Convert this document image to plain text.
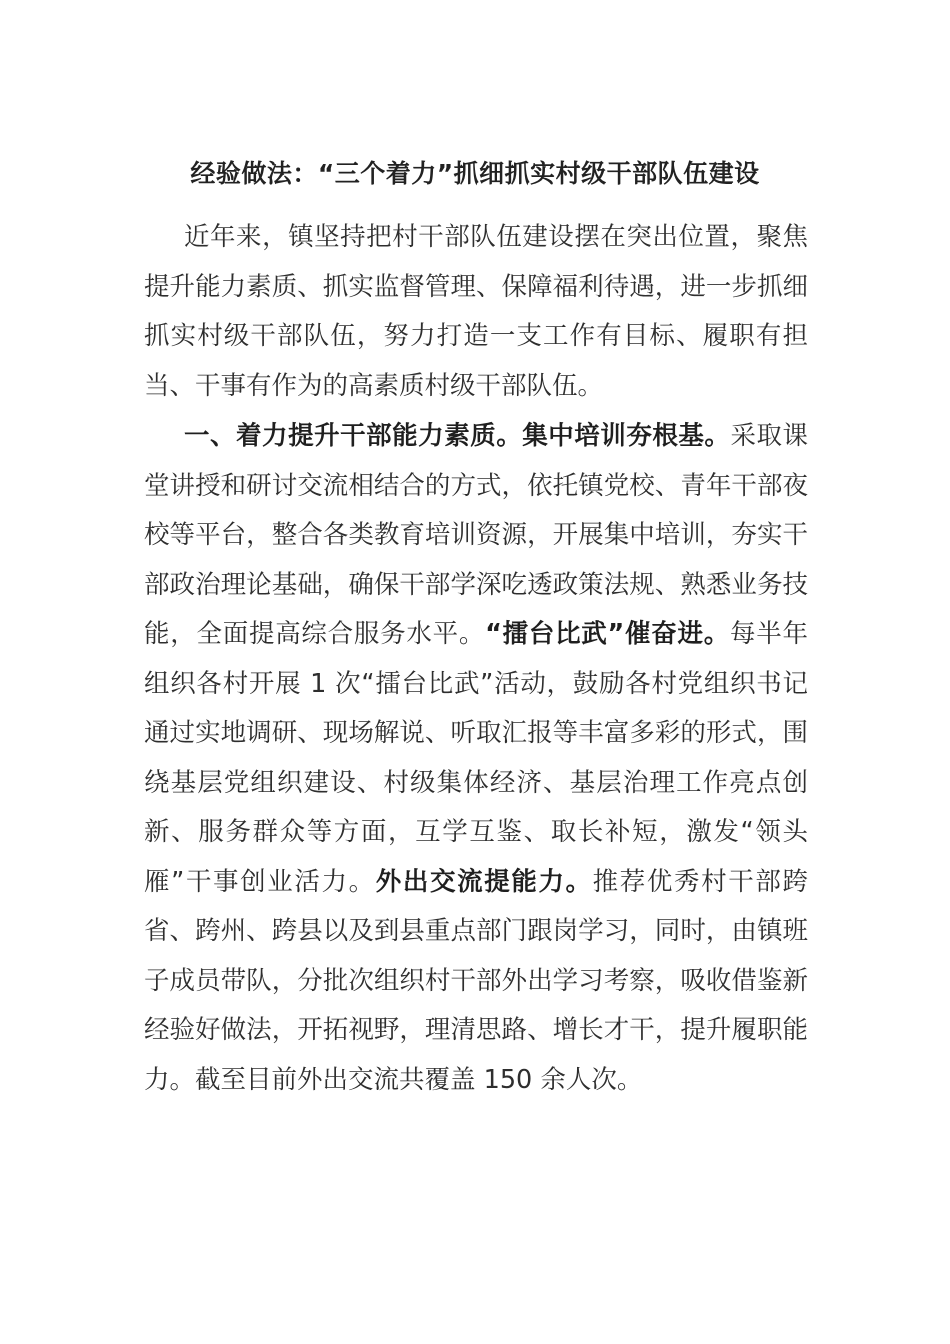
经验做法：“三个着力”抓细抓实村级干部队伍建设

近年来，镇坚持把村干部队伍建设摆在突出位置，聚焦提升能力素质、抓实监督管理、保障福利待遇，进一步抓细抓实村级干部队伍，努力打造一支工作有目标、履职有担当、干事有作为的高素质村级干部队伍。

一、着力提升干部能力素质。集中培训夯根基。采取课堂讲授和研讨交流相结合的方式，依托镇党校、青年干部夜校等平台，整合各类教育培训资源，开展集中培训，夯实干部政治理论基础，确保干部学深吃透政策法规、熟悉业务技能，全面提高综合服务水平。“擂台比武”催奋进。每半年组织各村开展 1 次“擂台比武”活动，鼓励各村党组织书记通过实地调研、现场解说、听取汇报等丰富多彩的形式，围绕基层党组织建设、村级集体经济、基层治理工作亮点创新、服务群众等方面，互学互鉴、取长补短，激发“领头雁”干事创业活力。外出交流提能力。推荐优秀村干部跨省、跨州、跨县以及到县重点部门跟岗学习，同时，由镇班子成员带队，分批次组织村干部外出学习考察，吸收借鉴新经验好做法，开拓视野，理清思路、增长才干，提升履职能力。截至目前外出交流共覆盖 150 余人次。
